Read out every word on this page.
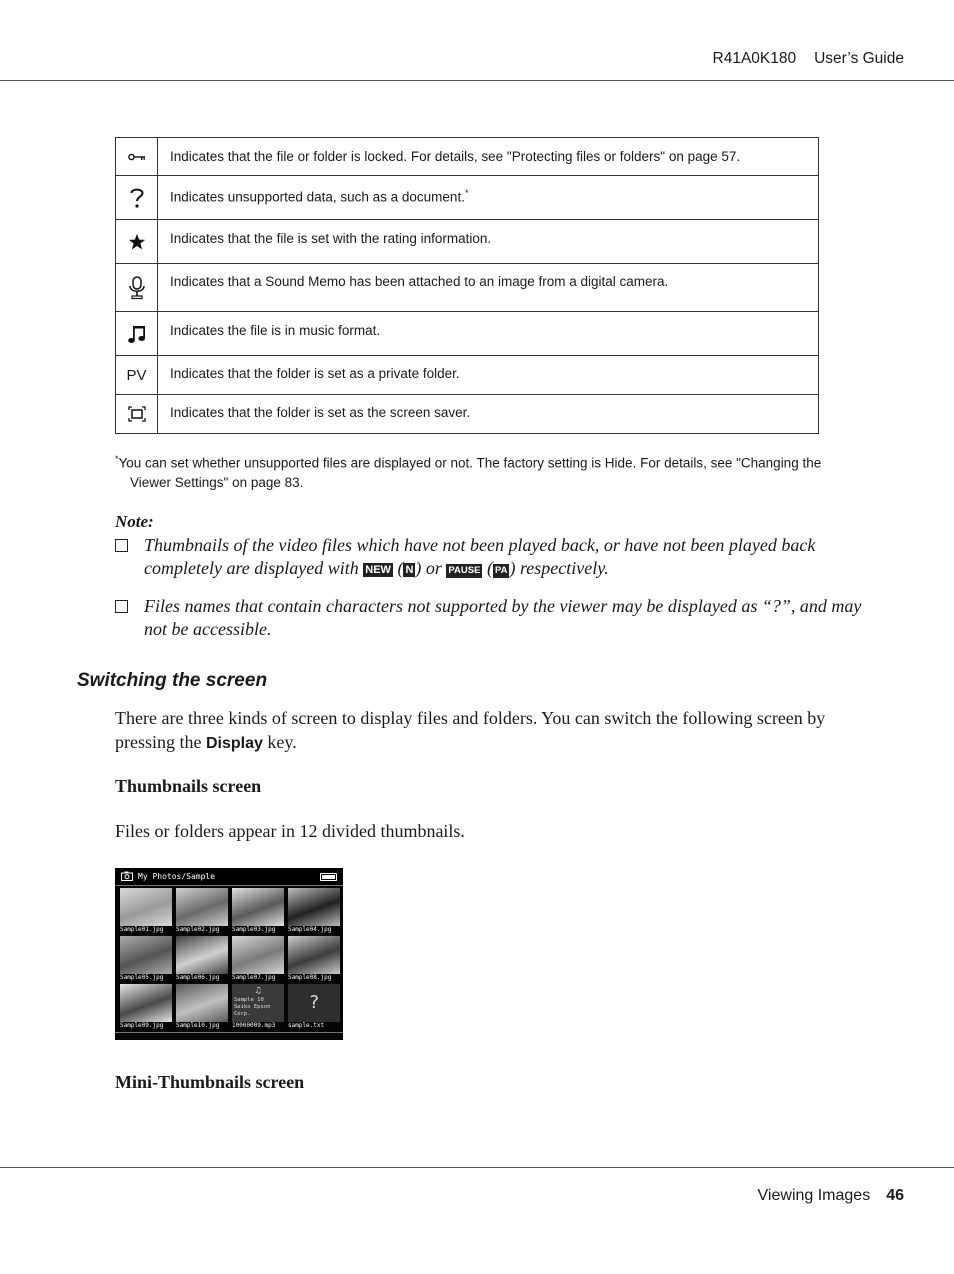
R41A0K180 User’s Guide
	Indicates that the file or folder is locked. For details, see "Protecting files or folders" on page 57.

	Indicates unsupported data, such as a document.*

	Indicates that the file is set with the rating information.

	Indicates that a Sound Memo has been attached to an image from a digital camera.

	Indicates the file is in music format.
PV	Indicates that the folder is set as a private folder.

	Indicates that the folder is set as the screen saver.
*You can set whether unsupported files are displayed or not. The factory setting is Hide. For details, see "Changing the
Viewer Settings" on page 83.
Note:
Thumbnails of the video files which have not been played back, or have not been played back
completely are displayed with NEW ( N ) or PAUSE ( PA ) respectively.
Files names that contain characters not supported by the viewer may be displayed as “?”, and may
not be accessible.
Switching the screen
There are three kinds of screen to display files and folders. You can switch the following screen by
pressing the Display key.
Thumbnails screen
Files or folders appear in 12 divided thumbnails.
My Photos/Sample
Sample01.jpg	Sample02.jpg	Sample03.jpg	Sample04.jpg
Sample05.jpg	Sample06.jpg	Sample07.jpg	Sample08.jpg
Sample09.jpg	Sample10.jpg
♫
Sample 10
Seiko Epson Corp.
10000009.mp3
?
sample.txt
Mini-Thumbnails screen
Viewing Images 46
